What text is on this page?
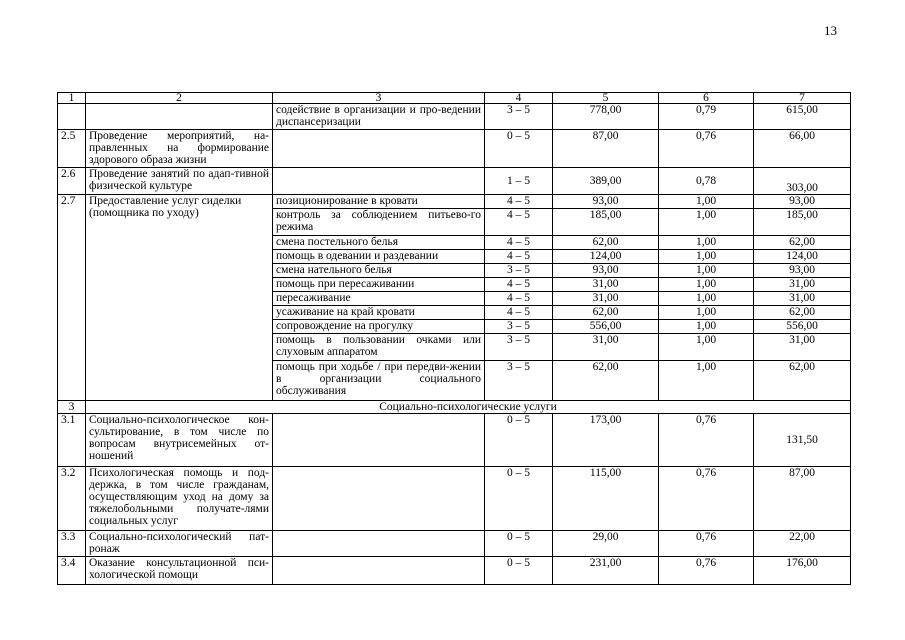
13
1	2	3	4	5	6	7
		содействие в организации и про-ведении диспансеризации	3 – 5	778,00	0,79	615,00
2.5	Проведение мероприятий, на-правленных на формирование здорового образа жизни		0 – 5	87,00	0,76	66,00
2.6	Проведение занятий по адап-тивной физической культуре		1 – 5	389,00	0,78	303,00
2.7	Предоставление услуг сиделки (помощника по уходу)	позиционирование в кровати	4 – 5	93,00	1,00	93,00
		контроль за соблюдением питьево-го режима	4 – 5	185,00	1,00	185,00
		смена постельного белья	4 – 5	62,00	1,00	62,00
		помощь в одевании и раздевании	4 – 5	124,00	1,00	124,00
		смена нательного белья	3 – 5	93,00	1,00	93,00
		помощь при пересаживании	4 – 5	31,00	1,00	31,00
		пересаживание	4 – 5	31,00	1,00	31,00
		усаживание на край кровати	4 – 5	62,00	1,00	62,00
		сопровождение на прогулку	3 – 5	556,00	1,00	556,00
		помощь в пользовании очками или слуховым аппаратом	3 – 5	31,00	1,00	31,00
		помощь при ходьбе / при передви-жении в организации социального обслуживания	3 – 5	62,00	1,00	62,00
3	Социально-психологические услуги					
3.1	Социально-психологическое кон-сультирование, в том числе по вопросам внутрисемейных от-ношений		0 – 5	173,00	0,76	131,50
3.2	Психологическая помощь и под-держка, в том числе гражданам, осуществляющим уход на дому за тяжелобольными получате-лями социальных услуг		0 – 5	115,00	0,76	87,00
3.3	Социально-психологический пат-ронаж		0 – 5	29,00	0,76	22,00
3.4	Оказание консультационной пси-хологической помощи		0 – 5	231,00	0,76	176,00
